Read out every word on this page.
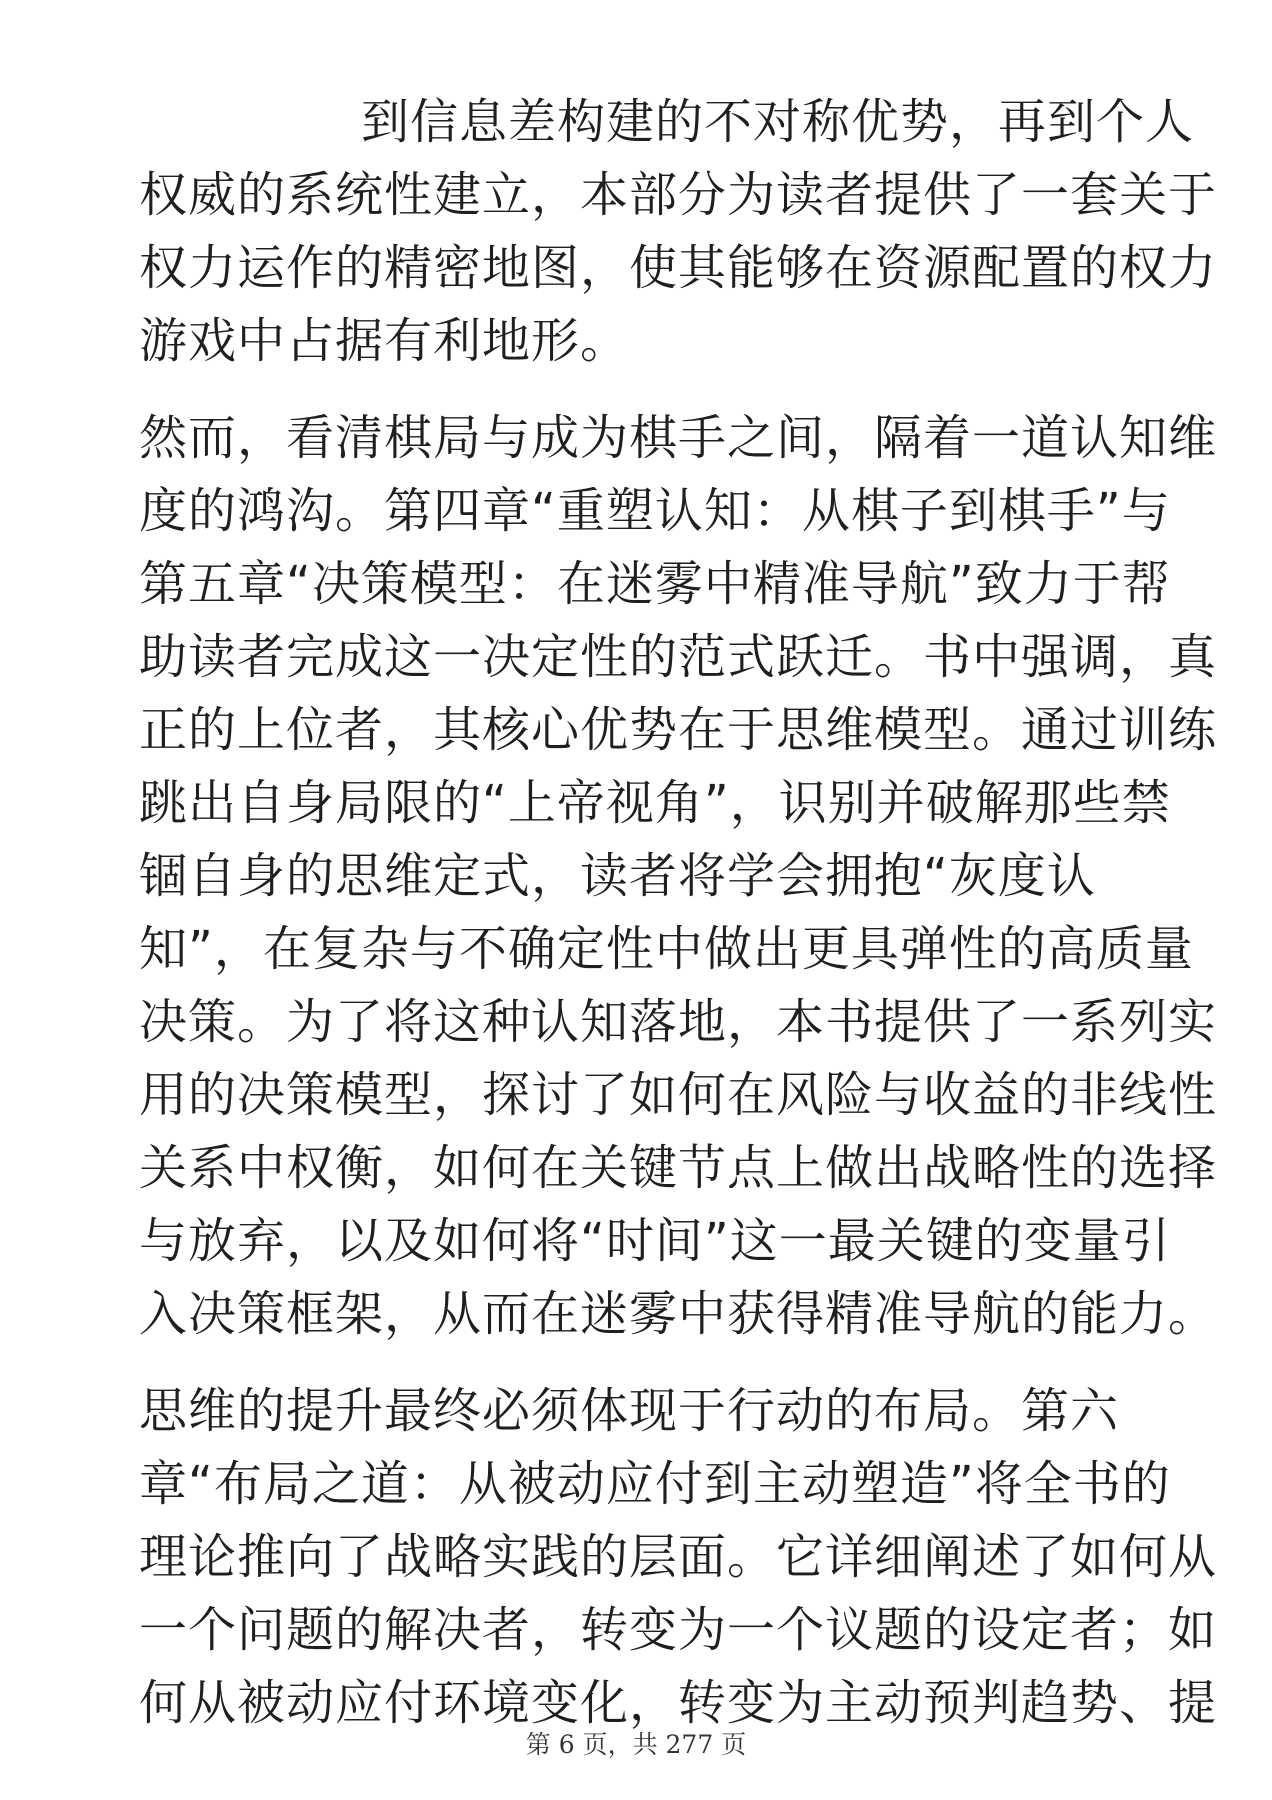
到信息差构建的不对称优势，再到个人
权威的系统性建立，本部分为读者提供了一套关于
权力运作的精密地图，使其能够在资源配置的权力
游戏中占据有利地形。
然而，看清棋局与成为棋手之间，隔着一道认知维
度的鸿沟。第四章“重塑认知：从棋子到棋手”与
第五章“决策模型：在迷雾中精准导航”致力于帮
助读者完成这一决定性的范式跃迁。书中强调，真
正的上位者，其核心优势在于思维模型。通过训练
跳出自身局限的“上帝视角”，识别并破解那些禁
锢自身的思维定式，读者将学会拥抱“灰度认
知”，在复杂与不确定性中做出更具弹性的高质量
决策。为了将这种认知落地，本书提供了一系列实
用的决策模型，探讨了如何在风险与收益的非线性
关系中权衡，如何在关键节点上做出战略性的选择
与放弃，以及如何将“时间”这一最关键的变量引
入决策框架，从而在迷雾中获得精准导航的能力。
思维的提升最终必须体现于行动的布局。第六
章“布局之道：从被动应付到主动塑造”将全书的
理论推向了战略实践的层面。它详细阐述了如何从
一个问题的解决者，转变为一个议题的设定者；如
何从被动应付环境变化，转变为主动预判趋势、提
第 6 页，共 277 页
